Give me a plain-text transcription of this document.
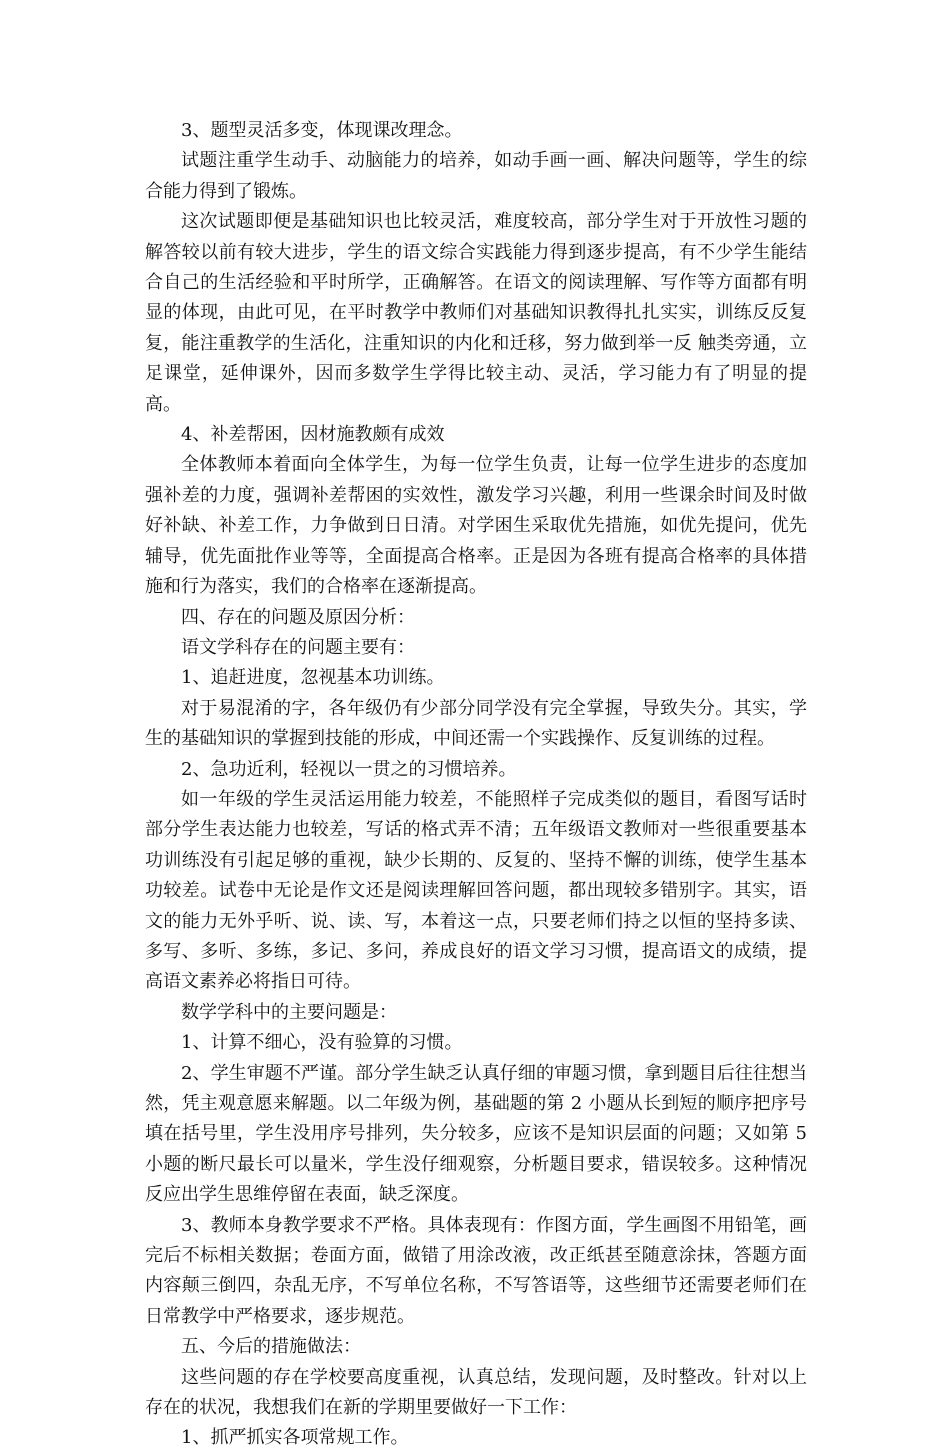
3、题型灵活多变，体现课改理念。

试题注重学生动手、动脑能力的培养，如动手画一画、解决问题等，学生的综合能力得到了锻炼。

这次试题即便是基础知识也比较灵活，难度较高，部分学生对于开放性习题的解答较以前有较大进步，学生的语文综合实践能力得到逐步提高，有不少学生能结合自己的生活经验和平时所学，正确解答。在语文的阅读理解、写作等方面都有明显的体现，由此可见，在平时教学中教师们对基础知识教得扎扎实实，训练反反复复，能注重教学的生活化，注重知识的内化和迁移，努力做到举一反 触类旁通，立足课堂，延伸课外，因而多数学生学得比较主动、灵活，学习能力有了明显的提高。

4、补差帮困，因材施教颇有成效

全体教师本着面向全体学生，为每一位学生负责，让每一位学生进步的态度加强补差的力度，强调补差帮困的实效性，激发学习兴趣，利用一些课余时间及时做好补缺、补差工作，力争做到日日清。对学困生采取优先措施，如优先提问，优先辅导，优先面批作业等等，全面提高合格率。正是因为各班有提高合格率的具体措施和行为落实，我们的合格率在逐渐提高。

四、存在的问题及原因分析：

语文学科存在的问题主要有：

1、追赶进度，忽视基本功训练。

对于易混淆的字，各年级仍有少部分同学没有完全掌握，导致失分。其实，学生的基础知识的掌握到技能的形成，中间还需一个实践操作、反复训练的过程。

2、急功近利，轻视以一贯之的习惯培养。

如一年级的学生灵活运用能力较差，不能照样子完成类似的题目，看图写话时部分学生表达能力也较差，写话的格式弄不清；五年级语文教师对一些很重要基本功训练没有引起足够的重视，缺少长期的、反复的、坚持不懈的训练，使学生基本功较差。试卷中无论是作文还是阅读理解回答问题，都出现较多错别字。其实，语文的能力无外乎听、说、读、写，本着这一点，只要老师们持之以恒的坚持多读、多写、多听、多练，多记、多问，养成良好的语文学习习惯，提高语文的成绩，提高语文素养必将指日可待。

数学学科中的主要问题是：

1、计算不细心，没有验算的习惯。

2、学生审题不严谨。部分学生缺乏认真仔细的审题习惯，拿到题目后往往想当然，凭主观意愿来解题。以二年级为例，基础题的第 2 小题从长到短的顺序把序号填在括号里，学生没用序号排列，失分较多，应该不是知识层面的问题；又如第 5 小题的断尺最长可以量米，学生没仔细观察，分析题目要求，错误较多。这种情况反应出学生思维停留在表面，缺乏深度。

3、教师本身教学要求不严格。具体表现有：作图方面，学生画图不用铅笔，画完后不标相关数据；卷面方面，做错了用涂改液，改正纸甚至随意涂抹，答题方面内容颠三倒四，杂乱无序，不写单位名称，不写答语等，这些细节还需要老师们在日常教学中严格要求，逐步规范。

五、今后的措施做法：

这些问题的存在学校要高度重视，认真总结，发现问题，及时整改。针对以上存在的状况，我想我们在新的学期里要做好一下工作：

1、抓严抓实各项常规工作。
